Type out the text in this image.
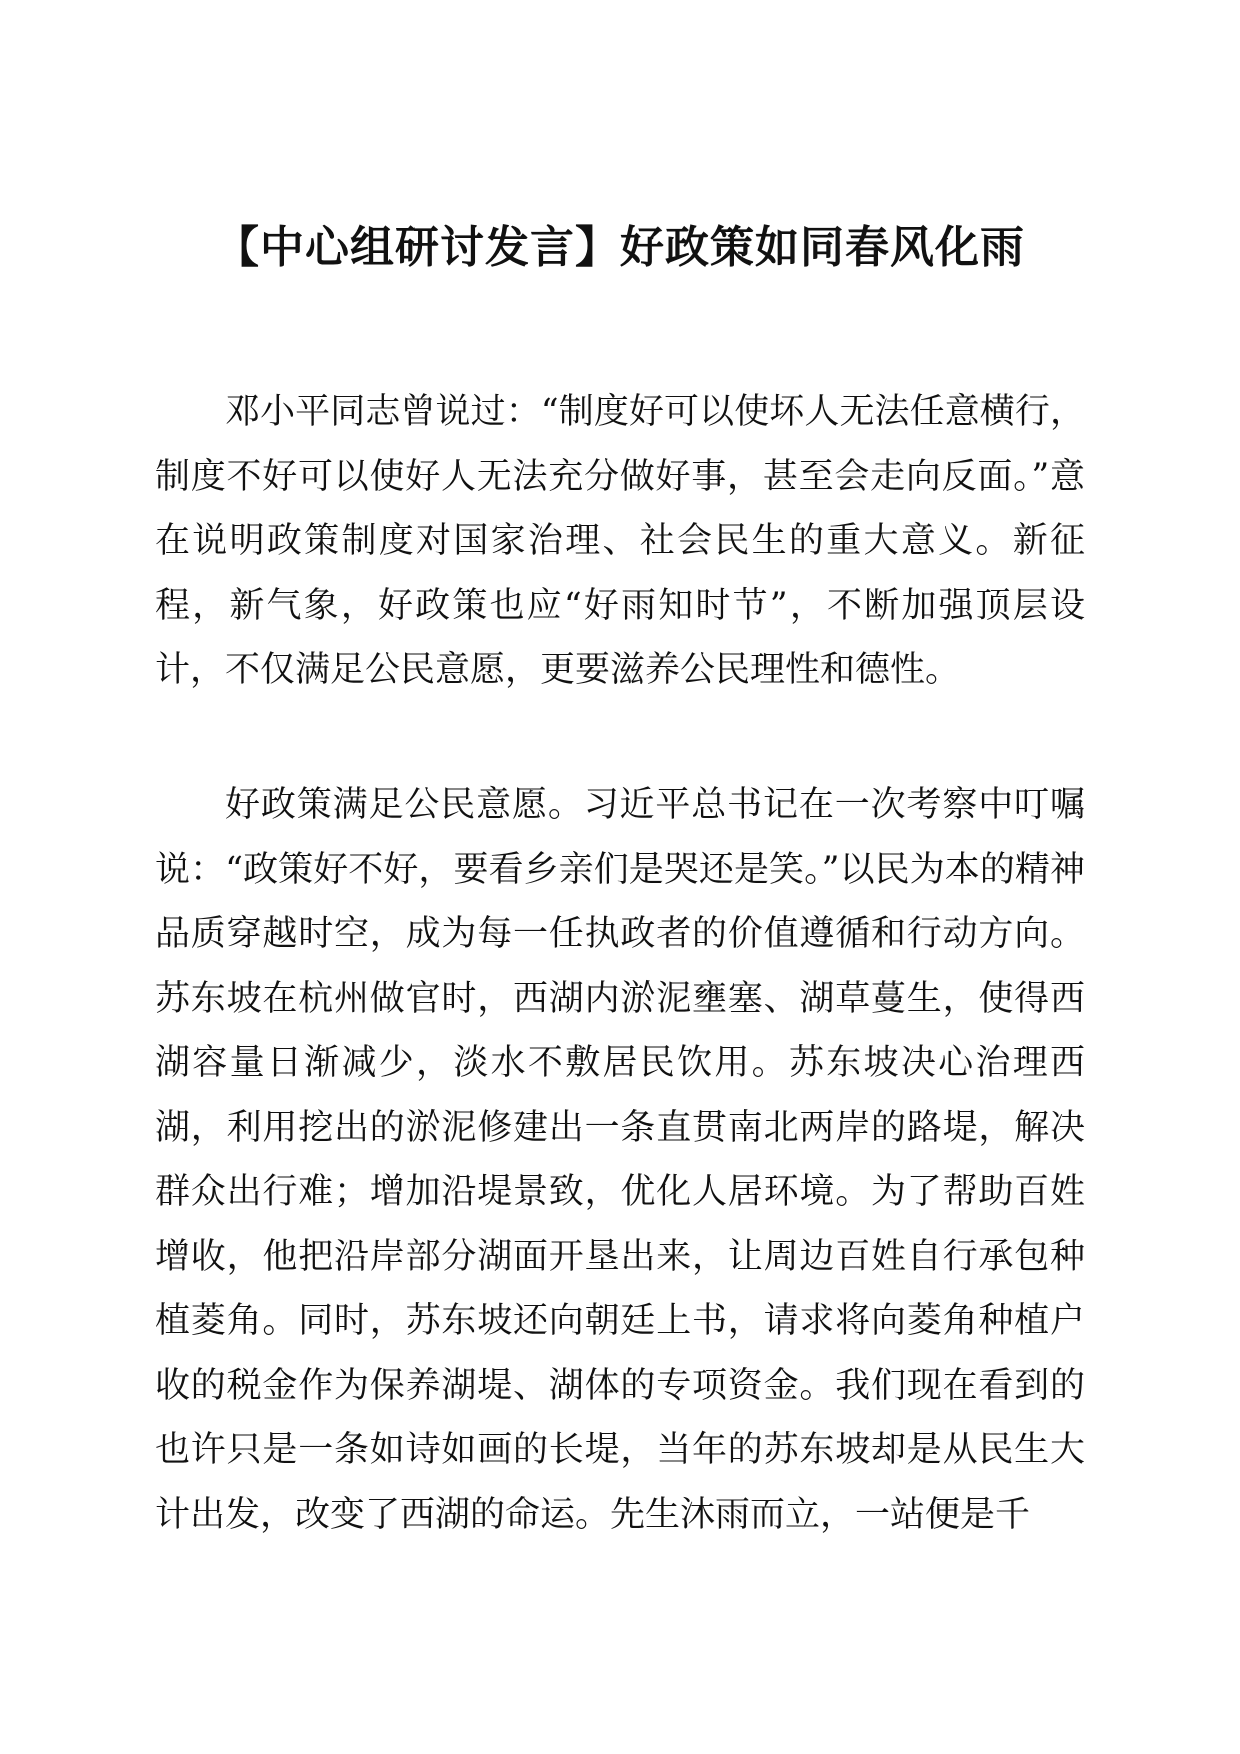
【中心组研讨发言】好政策如同春风化雨

邓小平同志曾说过：“制度好可以使坏人无法任意横行，制度不好可以使好人无法充分做好事，甚至会走向反面。”意在说明政策制度对国家治理、社会民生的重大意义。新征程，新气象，好政策也应“好雨知时节”，不断加强顶层设计，不仅满足公民意愿，更要滋养公民理性和德性。

好政策满足公民意愿。习近平总书记在一次考察中叮嘱说：“政策好不好，要看乡亲们是哭还是笑。”以民为本的精神品质穿越时空，成为每一任执政者的价值遵循和行动方向。苏东坡在杭州做官时，西湖内淤泥壅塞、湖草蔓生，使得西湖容量日渐减少，淡水不敷居民饮用。苏东坡决心治理西湖，利用挖出的淤泥修建出一条直贯南北两岸的路堤，解决群众出行难；增加沿堤景致，优化人居环境。为了帮助百姓增收，他把沿岸部分湖面开垦出来，让周边百姓自行承包种植菱角。同时，苏东坡还向朝廷上书，请求将向菱角种植户收的税金作为保养湖堤、湖体的专项资金。我们现在看到的也许只是一条如诗如画的长堤，当年的苏东坡却是从民生大计出发，改变了西湖的命运。先生沐雨而立，一站便是千
